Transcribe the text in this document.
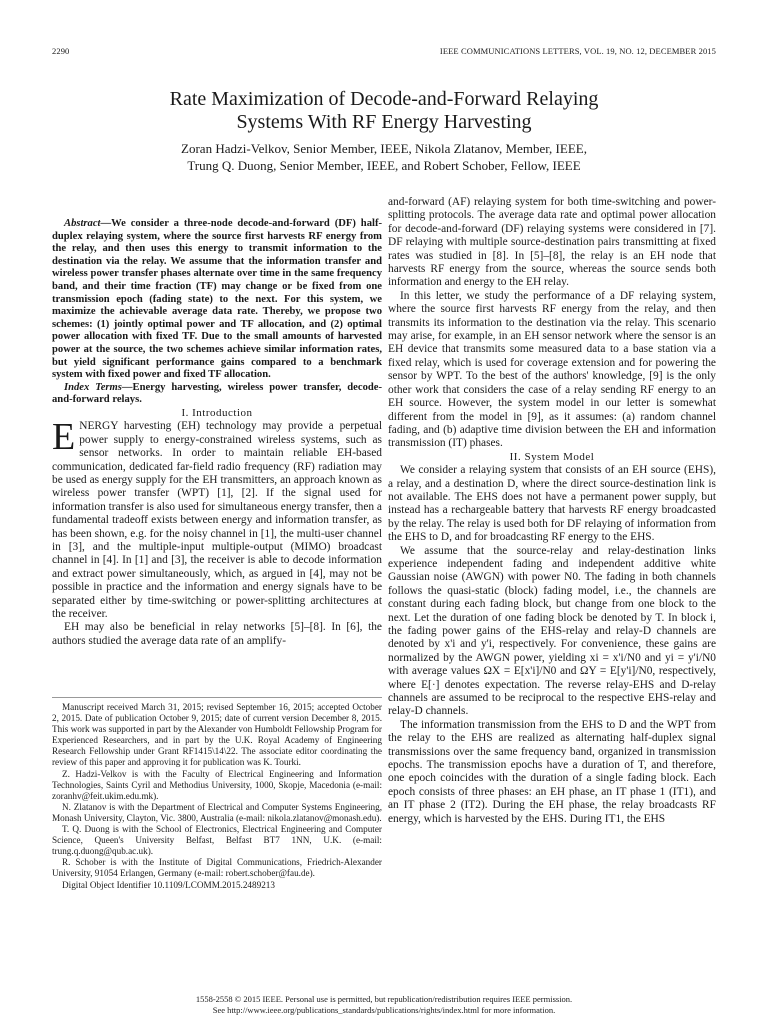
2290	IEEE COMMUNICATIONS LETTERS, VOL. 19, NO. 12, DECEMBER 2015
Rate Maximization of Decode-and-Forward Relaying
Systems With RF Energy Harvesting
Zoran Hadzi-Velkov, Senior Member, IEEE, Nikola Zlatanov, Member, IEEE,
Trung Q. Duong, Senior Member, IEEE, and Robert Schober, Fellow, IEEE

Abstract—We consider a three-node decode-and-forward (DF) half-duplex relaying system, where the source first harvests RF energy from the relay, and then uses this energy to transmit information to the destination via the relay. We assume that the information transfer and wireless power transfer phases alternate over time in the same frequency band, and their time fraction (TF) may change or be fixed from one transmission epoch (fading state) to the next. For this system, we maximize the achievable average data rate. Thereby, we propose two schemes: (1) jointly optimal power and TF allocation, and (2) optimal power allocation with fixed TF. Due to the small amounts of harvested power at the source, the two schemes achieve similar information rates, but yield significant performance gains compared to a benchmark system with fixed power and fixed TF allocation.

Index Terms—Energy harvesting, wireless power transfer, decode-and-forward relays.

I. Introduction

ENERGY harvesting (EH) technology may provide a perpetual power supply to energy-constrained wireless systems, such as sensor networks. In order to maintain reliable EH-based communication, dedicated far-field radio frequency (RF) radiation may be used as energy supply for the EH transmitters, an approach known as wireless power transfer (WPT) [1], [2]. If the signal used for information transfer is also used for simultaneous energy transfer, then a fundamental tradeoff exists between energy and information transfer, as has been shown, e.g. for the noisy channel in [1], the multi-user channel in [3], and the multiple-input multiple-output (MIMO) broadcast channel in [4]. In [1] and [3], the receiver is able to decode information and extract power simultaneously, which, as argued in [4], may not be possible in practice and the information and energy signals have to be separated either by time-switching or power-splitting architectures at the receiver.

EH may also be beneficial in relay networks [5]–[8]. In [6], the authors studied the average data rate of an amplify-

Manuscript received March 31, 2015; revised September 16, 2015; accepted October 2, 2015. Date of publication October 9, 2015; date of current version December 8, 2015. This work was supported in part by the Alexander von Humboldt Fellowship Program for Experienced Researchers, and in part by the U.K. Royal Academy of Engineering Research Fellowship under Grant RF1415\14\22. The associate editor coordinating the review of this paper and approving it for publication was K. Tourki.

Z. Hadzi-Velkov is with the Faculty of Electrical Engineering and Information Technologies, Saints Cyril and Methodius University, 1000, Skopje, Macedonia (e-mail: zoranhv@feit.ukim.edu.mk).

N. Zlatanov is with the Department of Electrical and Computer Systems Engineering, Monash University, Clayton, Vic. 3800, Australia (e-mail: nikola.zlatanov@monash.edu).

T. Q. Duong is with the School of Electronics, Electrical Engineering and Computer Science, Queen's University Belfast, Belfast BT7 1NN, U.K. (e-mail: trung.q.duong@qub.ac.uk).

R. Schober is with the Institute of Digital Communications, Friedrich-Alexander University, 91054 Erlangen, Germany (e-mail: robert.schober@fau.de).

Digital Object Identifier 10.1109/LCOMM.2015.2489213

and-forward (AF) relaying system for both time-switching and power-splitting protocols. The average data rate and optimal power allocation for decode-and-forward (DF) relaying systems were considered in [7]. DF relaying with multiple source-destination pairs transmitting at fixed rates was studied in [8]. In [5]–[8], the relay is an EH node that harvests RF energy from the source, whereas the source sends both information and energy to the EH relay.

In this letter, we study the performance of a DF relaying system, where the source first harvests RF energy from the relay, and then transmits its information to the destination via the relay. This scenario may arise, for example, in an EH sensor network where the sensor is an EH device that transmits some measured data to a base station via a fixed relay, which is used for coverage extension and for powering the sensor by WPT. To the best of the authors' knowledge, [9] is the only other work that considers the case of a relay sending RF energy to an EH source. However, the system model in our letter is somewhat different from the model in [9], as it assumes: (a) random channel fading, and (b) adaptive time division between the EH and information transmission (IT) phases.

II. System Model

We consider a relaying system that consists of an EH source (EHS), a relay, and a destination D, where the direct source-destination link is not available. The EHS does not have a permanent power supply, but instead has a rechargeable battery that harvests RF energy broadcasted by the relay. The relay is used both for DF relaying of information from the EHS to D, and for broadcasting RF energy to the EHS.

We assume that the source-relay and relay-destination links experience independent fading and independent additive white Gaussian noise (AWGN) with power N0. The fading in both channels follows the quasi-static (block) fading model, i.e., the channels are constant during each fading block, but change from one block to the next. Let the duration of one fading block be denoted by T. In block i, the fading power gains of the EHS-relay and relay-D channels are denoted by x'i and y'i, respectively. For convenience, these gains are normalized by the AWGN power, yielding xi = x'i/N0 and yi = y'i/N0 with average values ΩX = E[x'i]/N0 and ΩY = E[y'i]/N0, respectively, where E[·] denotes expectation. The reverse relay-EHS and D-relay channels are assumed to be reciprocal to the respective EHS-relay and relay-D channels.

The information transmission from the EHS to D and the WPT from the relay to the EHS are realized as alternating half-duplex signal transmissions over the same frequency band, organized in transmission epochs. The transmission epochs have a duration of T, and therefore, one epoch coincides with the duration of a single fading block. Each epoch consists of three phases: an EH phase, an IT phase 1 (IT1), and an IT phase 2 (IT2). During the EH phase, the relay broadcasts RF energy, which is harvested by the EHS. During IT1, the EHS

1558-2558 © 2015 IEEE. Personal use is permitted, but republication/redistribution requires IEEE permission.

See http://www.ieee.org/publications_standards/publications/rights/index.html for more information.
